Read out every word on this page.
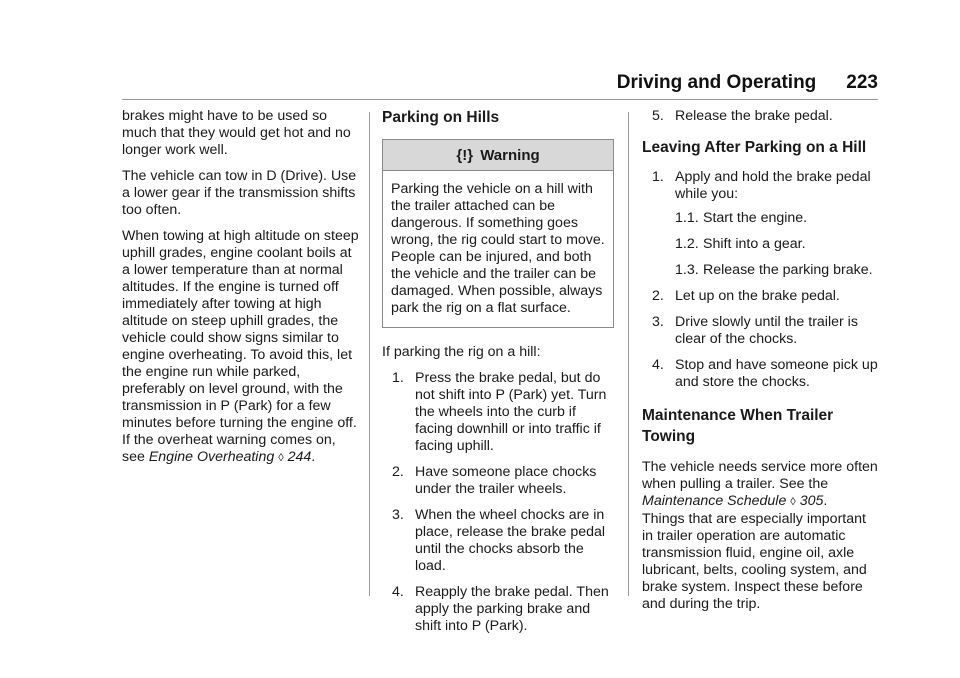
Driving and Operating 223

brakes might have to be used so much that they would get hot and no longer work well.

The vehicle can tow in D (Drive). Use a lower gear if the transmission shifts too often.

When towing at high altitude on steep uphill grades, engine coolant boils at a lower temperature than at normal altitudes. If the engine is turned off immediately after towing at high altitude on steep uphill grades, the vehicle could show signs similar to engine overheating. To avoid this, let the engine run while parked, preferably on level ground, with the transmission in P (Park) for a few minutes before turning the engine off. If the overheat warning comes on, see Engine Overheating ◊ 244.

Parking on Hills
{!} Warning
Parking the vehicle on a hill with the trailer attached can be dangerous. If something goes wrong, the rig could start to move. People can be injured, and both the vehicle and the trailer can be damaged. When possible, always park the rig on a flat surface.

If parking the rig on a hill:

1. Press the brake pedal, but do not shift into P (Park) yet. Turn the wheels into the curb if facing downhill or into traffic if facing uphill.
2. Have someone place chocks under the trailer wheels.
3. When the wheel chocks are in place, release the brake pedal until the chocks absorb the load.
4. Reapply the brake pedal. Then apply the parking brake and shift into P (Park).
5. Release the brake pedal.
Leaving After Parking on a Hill
1. Apply and hold the brake pedal while you:
1.1. Start the engine.
1.2. Shift into a gear.
1.3. Release the parking brake.
2. Let up on the brake pedal.
3. Drive slowly until the trailer is clear of the chocks.
4. Stop and have someone pick up and store the chocks.
Maintenance When Trailer Towing

The vehicle needs service more often when pulling a trailer. See the Maintenance Schedule ◊ 305.

Things that are especially important in trailer operation are automatic transmission fluid, engine oil, axle lubricant, belts, cooling system, and brake system. Inspect these before and during the trip.
